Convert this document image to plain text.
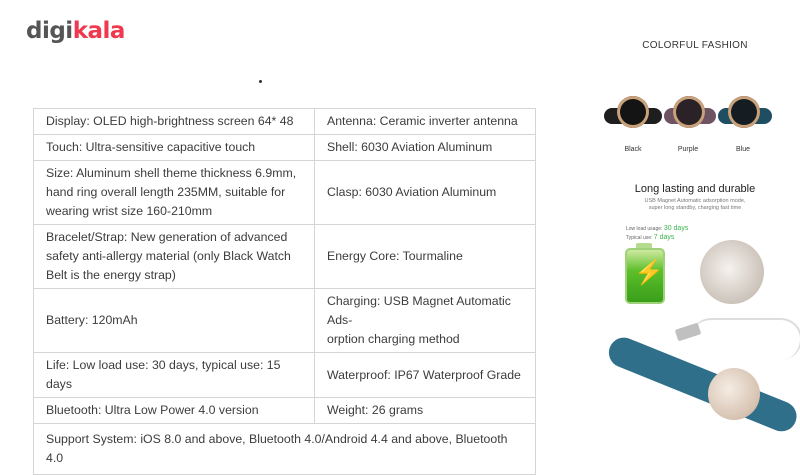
digikala
Display: OLED high-brightness screen 64* 48	Antenna: Ceramic inverter antenna
Touch: Ultra-sensitive capacitive touch	Shell: 6030 Aviation Aluminum
Size: Aluminum shell theme thickness 6.9mm,
hand ring overall length 235MM, suitable for
wearing wrist size 160-210mm	Clasp: 6030 Aviation Aluminum
Bracelet/Strap: New generation of advanced
safety anti-allergy material (only Black Watch
Belt is the energy strap)	Energy Core: Tourmaline
Battery: 120mAh	Charging: USB Magnet Automatic Ads-
orption charging method
Life: Low load use: 30 days, typical use: 15 days	Waterproof: IP67 Waterproof Grade
Bluetooth: Ultra Low Power 4.0 version	Weight: 26 grams
Support System: iOS 8.0 and above, Bluetooth 4.0/Android 4.4 and above, Bluetooth 4.0	
COLORFUL FASHION
Black	Purple	Blue
Long lasting and durable
USB Magnet Automatic adsorption mode,
super long standby, charging fast time
Low load usage: 30 days
Typical use: 7 days
⚡
